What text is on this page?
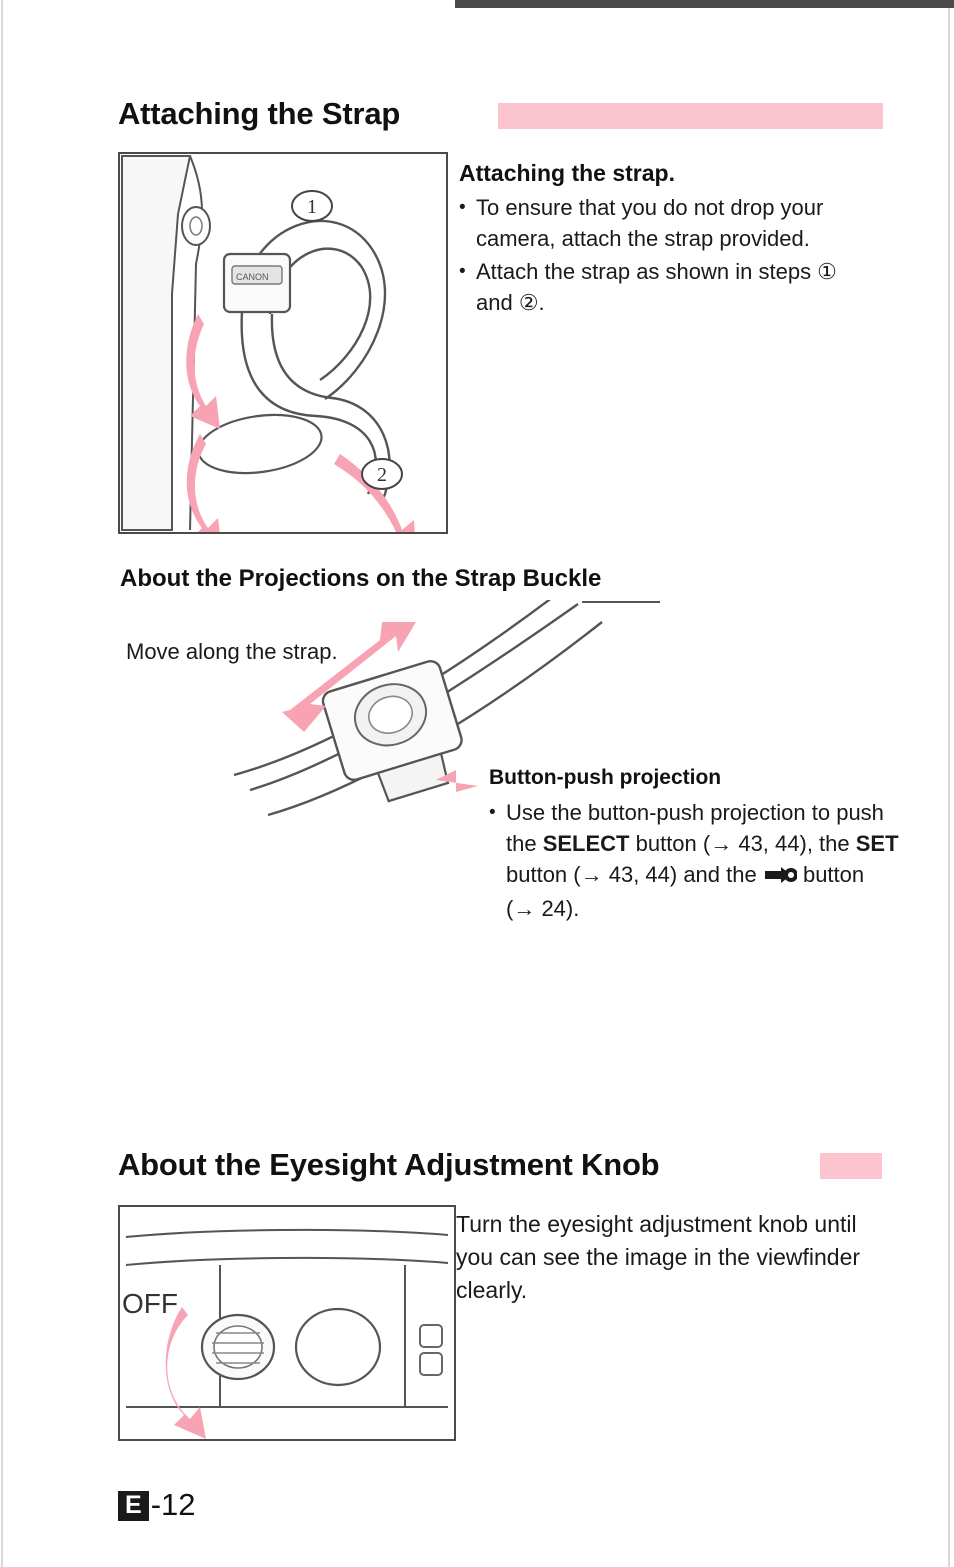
Attaching the Strap
CANON
1
2
Attaching the strap.
• To ensure that you do not drop your camera, attach the strap provided.
• Attach the strap as shown in steps ① and ②.
About the Projections on the Strap Buckle
Move along the strap.
Button-push projection
• Use the button-push projection to push the SELECT button (→ 43, 44), the SET button (→ 43, 44) and the  button (→ 24).
About the Eyesight Adjustment Knob
OFF
Turn the eyesight adjustment knob until you can see the image in the viewfinder clearly.
E -12
